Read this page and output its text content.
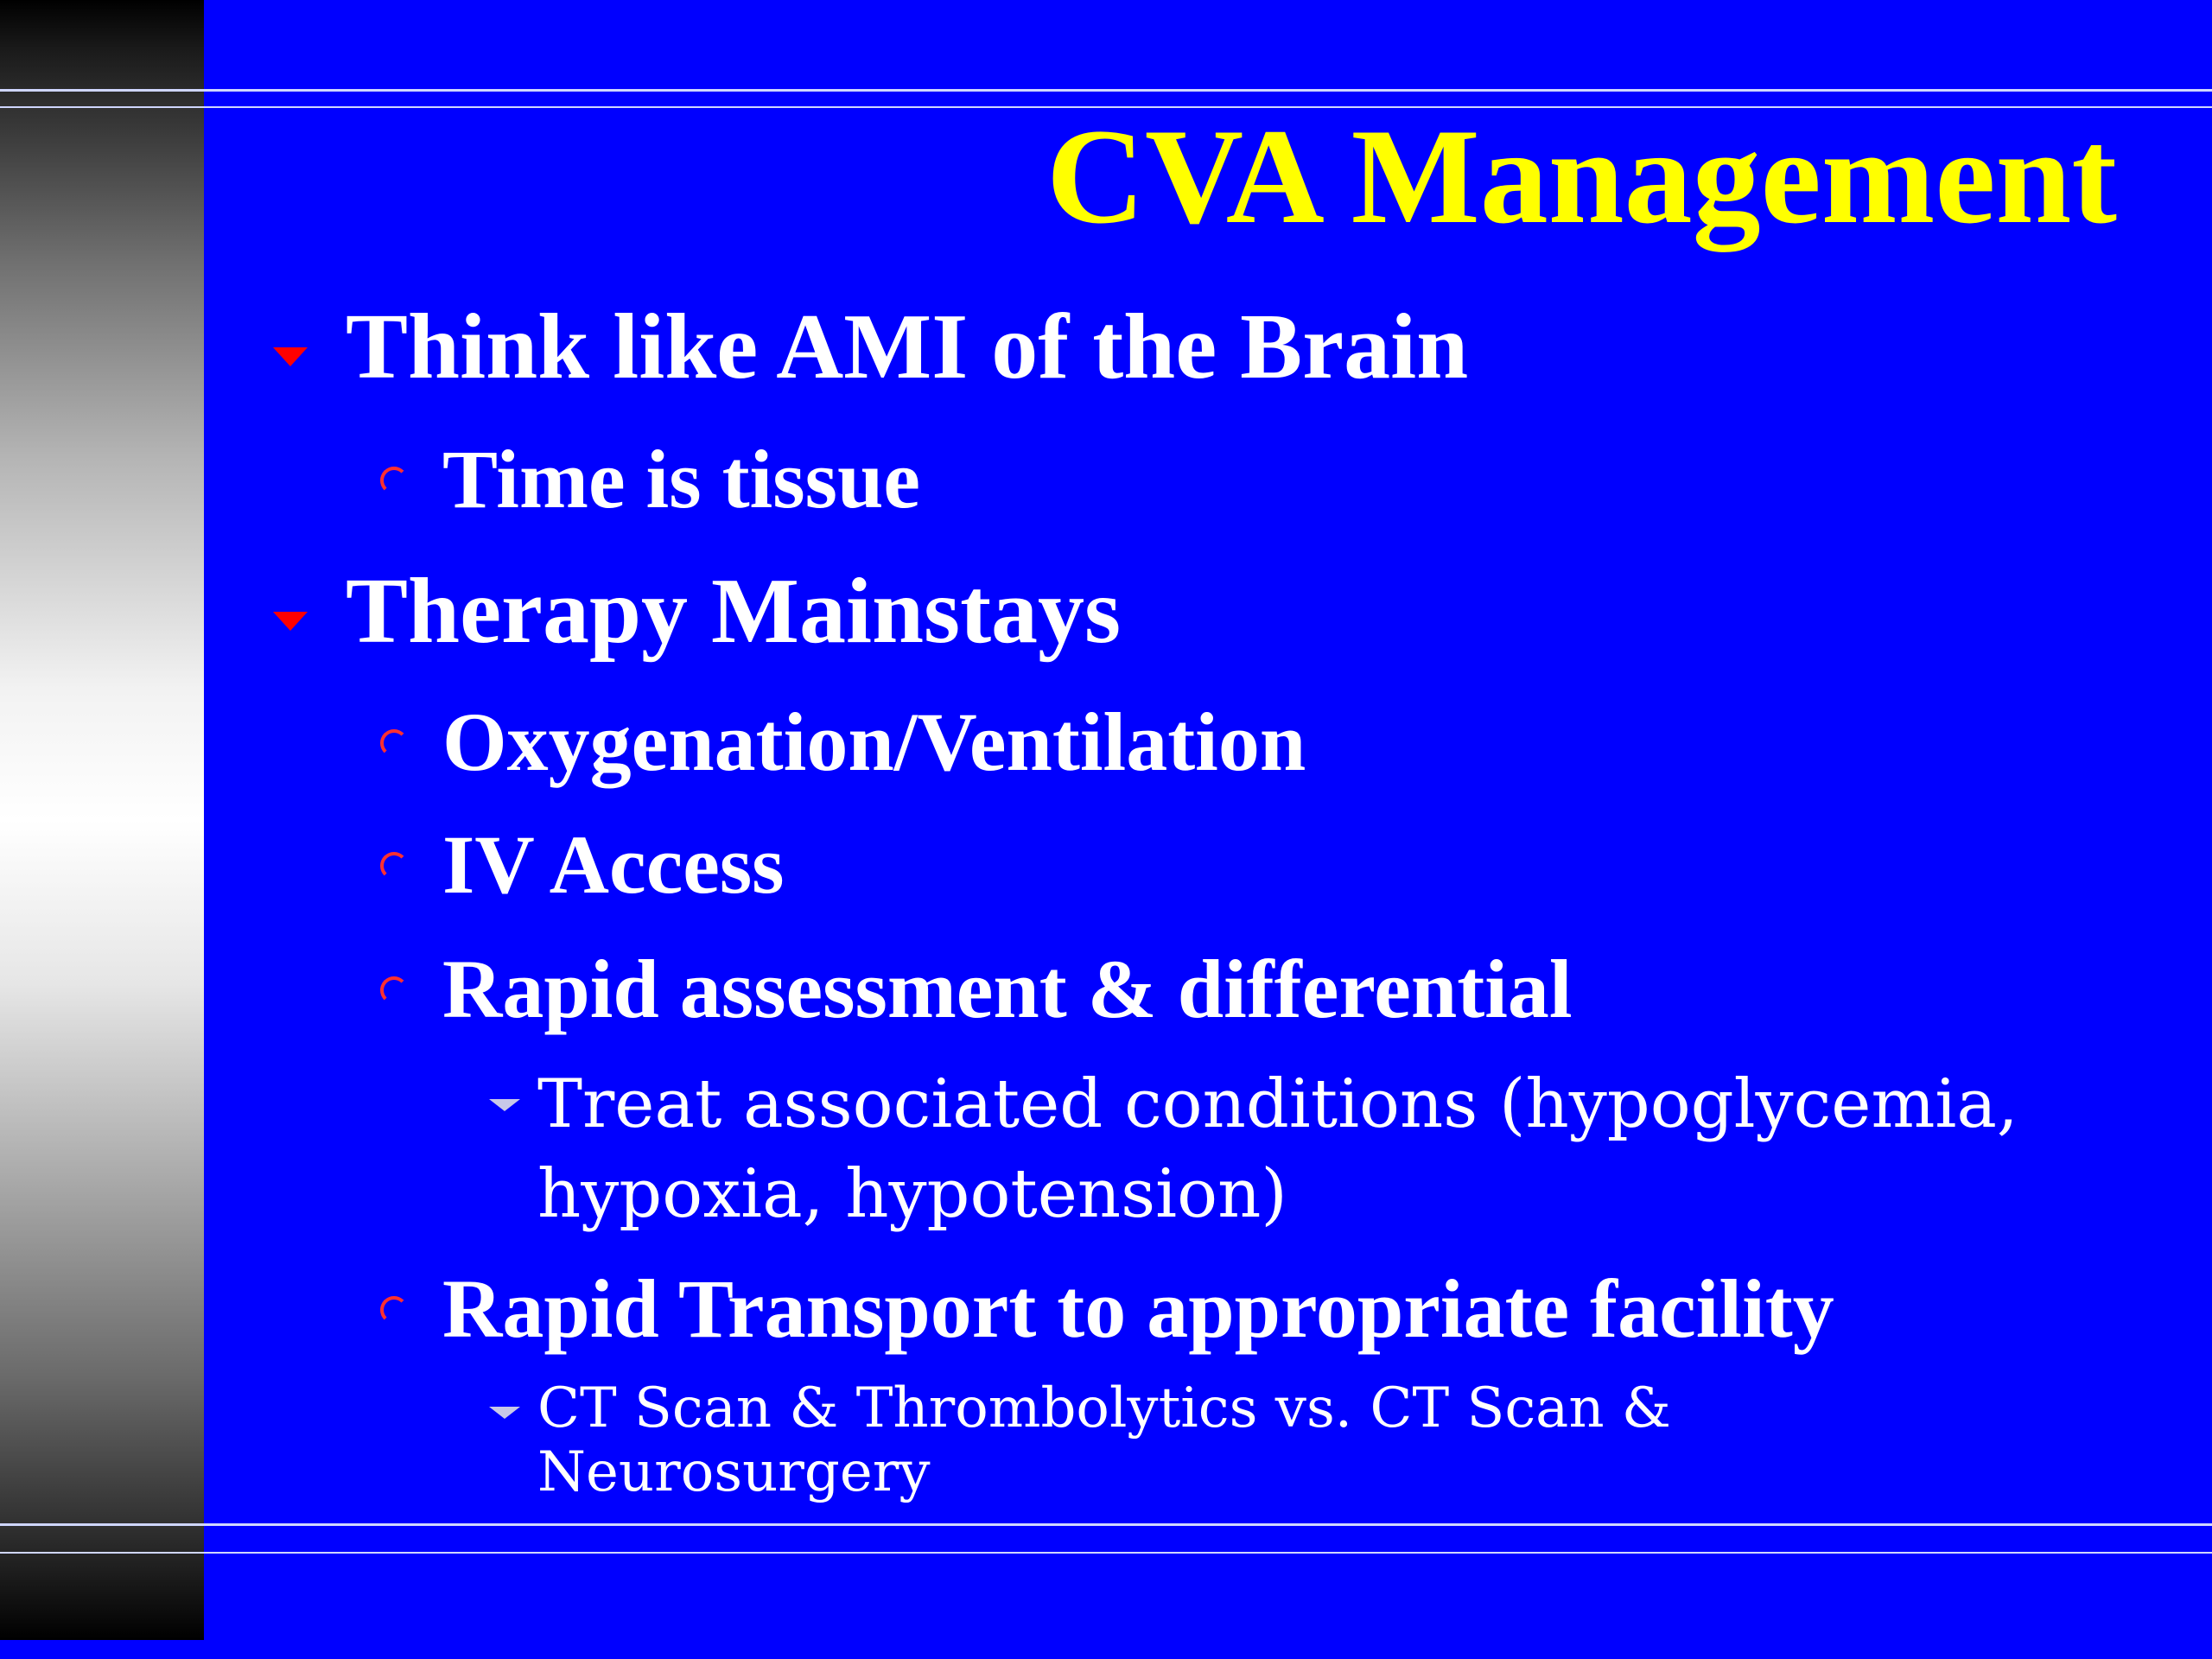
CVA Management
Think like AMI of the Brain
Time is tissue
Therapy Mainstays
Oxygenation/Ventilation
IV Access
Rapid assessment & differential
Treat associated conditions (hypoglycemia, hypoxia, hypotension)
Rapid Transport to appropriate facility
CT Scan & Thrombolytics vs. CT Scan & Neurosurgery
